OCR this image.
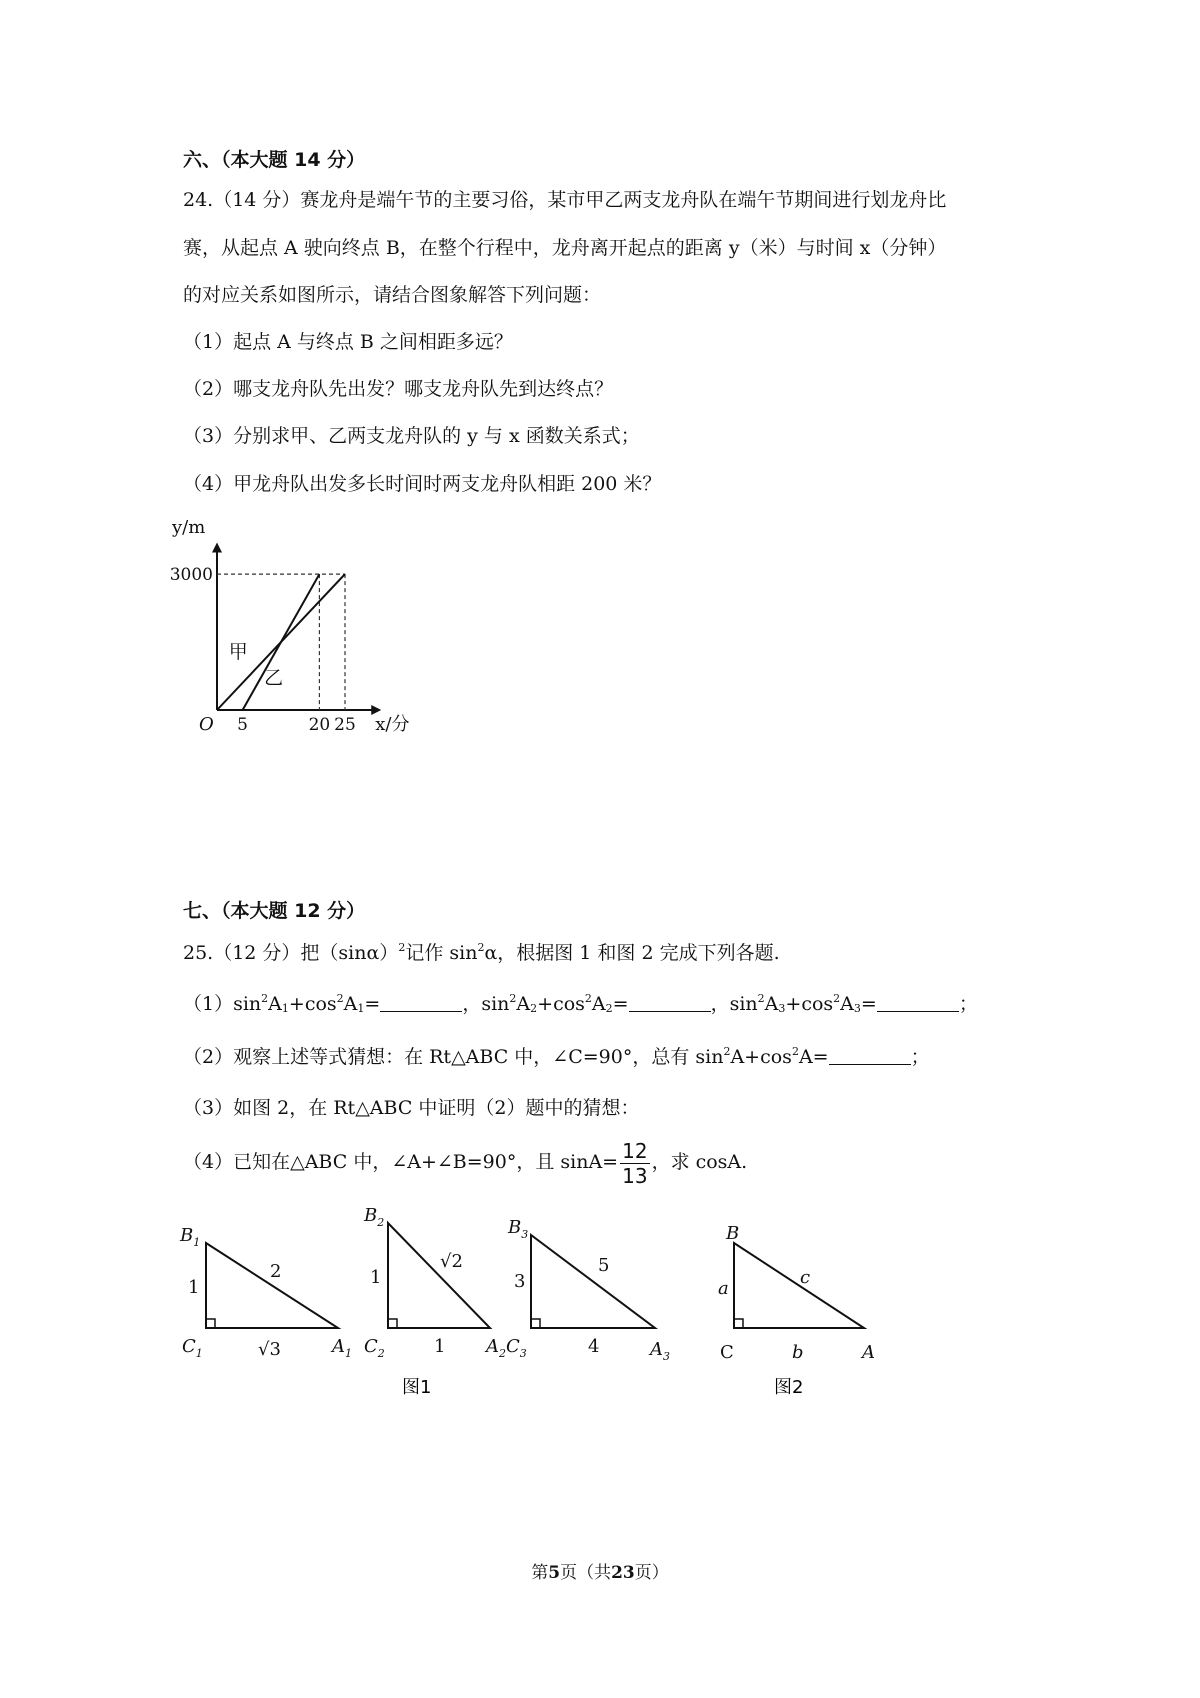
六、（本大题 14 分）
24.（14 分）赛龙舟是端午节的主要习俗，某市甲乙两支龙舟队在端午节期间进行划龙舟比
赛，从起点 A 驶向终点 B，在整个行程中，龙舟离开起点的距离 y（米）与时间 x（分钟）
的对应关系如图所示，请结合图象解答下列问题：
（1）起点 A 与终点 B 之间相距多远？
（2）哪支龙舟队先出发？哪支龙舟队先到达终点？
（3）分别求甲、乙两支龙舟队的 y 与 x 函数关系式；
（4）甲龙舟队出发多长时间时两支龙舟队相距 200 米？
甲
乙
5	20 25
3000
O	x/分
y/m
七、（本大题 12 分）
25.（12 分）把$(\sin\alpha)^2$记作 $\sin^2\alpha$，根据图 1 和图 2 完成下列各题.
$(1)\sin^2A_1+\cos^2A_1=$	，$\sin^2A_2+\cos^2A_2=$	，$\sin^2A_3+\cos^2A_3=$	；
（2）观察上述等式猜想：在 Rt△ABC 中，∠C=90°，总有 $\sin^2A+\cos^2A=$	；
（3）如图 2，在 Rt△ABC 中证明（2）题中的猜想：
（4）已知在△ABC 中，∠A+∠B=90°，且 $\sin A= \frac{12}{13}$ ，求 cosA.
$B_1$
$C_1$	$A_1$
1
2
√3
$B_2$
$C_2$	$A_2$
1
√2
1
$B_3$
$C_3$	$A_3$
3
5
4
B
C	A
a
c
b
图1	图2
第5页（共23页）
